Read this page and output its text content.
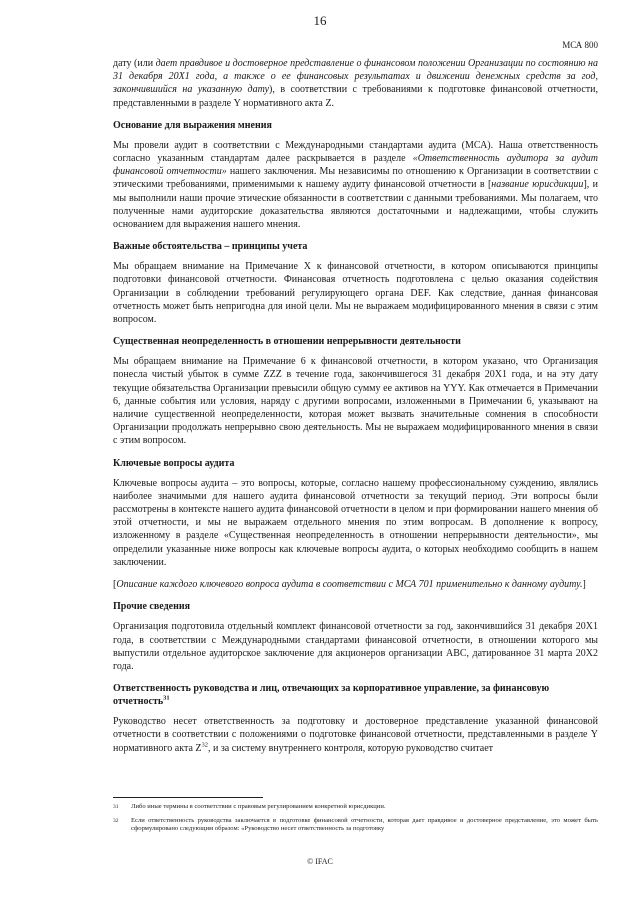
16
МСА 800

дату (или дает правдивое и достоверное представление о финансовом положении Организации по состоянию на 31 декабря 20Х1 года, а также о ее финансовых результатах и движении денежных средств за год, закончившийся на указанную дату), в соответствии с требованиями к подготовке финансовой отчетности, представленными в разделе Y нормативного акта Z.

Основание для выражения мнения

Мы провели аудит в соответствии с Международными стандартами аудита (МСА). Наша ответственность согласно указанным стандартам далее раскрывается в разделе «Ответственность аудитора за аудит финансовой отчетности» нашего заключения. Мы независимы по отношению к Организации в соответствии с этическими требованиями, применимыми к нашему аудиту финансовой отчетности в [название юрисдикции], и мы выполнили наши прочие этические обязанности в соответствии с данными требованиями. Мы полагаем, что полученные нами аудиторские доказательства являются достаточными и надлежащими, чтобы служить основанием для выражения нашего мнения.

Важные обстоятельства – принципы учета

Мы обращаем внимание на Примечание Х к финансовой отчетности, в котором описываются принципы подготовки финансовой отчетности. Финансовая отчетность подготовлена с целью оказания содействия Организации в соблюдении требований регулирующего органа DEF. Как следствие, данная финансовая отчетность может быть непригодна для иной цели. Мы не выражаем модифицированного мнения в связи с этим вопросом.

Существенная неопределенность в отношении непрерывности деятельности

Мы обращаем внимание на Примечание 6 к финансовой отчетности, в котором указано, что Организация понесла чистый убыток в сумме ZZZ в течение года, закончившегося 31 декабря 20Х1 года, и на эту дату текущие обязательства Организации превысили общую сумму ее активов на YYY. Как отмечается в Примечании 6, данные события или условия, наряду с другими вопросами, изложенными в Примечании 6, указывают на наличие существенной неопределенности, которая может вызвать значительные сомнения в способности Организации продолжать непрерывно свою деятельность. Мы не выражаем модифицированного мнения в связи с этим вопросом.

Ключевые вопросы аудита

Ключевые вопросы аудита – это вопросы, которые, согласно нашему профессиональному суждению, являлись наиболее значимыми для нашего аудита финансовой отчетности за текущий период. Эти вопросы были рассмотрены в контексте нашего аудита финансовой отчетности в целом и при формировании нашего мнения об этой отчетности, и мы не выражаем отдельного мнения по этим вопросам. В дополнение к вопросу, изложенному в разделе «Существенная неопределенность в отношении непрерывности деятельности», мы определили указанные ниже вопросы как ключевые вопросы аудита, о которых необходимо сообщить в нашем заключении.

[Описание каждого ключевого вопроса аудита в соответствии с МСА 701 применительно к данному аудиту.]

Прочие сведения

Организация подготовила отдельный комплект финансовой отчетности за год, закончившийся 31 декабря 20Х1 года, в соответствии с Международными стандартами финансовой отчетности, в отношении которого мы выпустили отдельное аудиторское заключение для акционеров организации ABC, датированное 31 марта 20Х2 года.

Ответственность руководства и лиц, отвечающих за корпоративное управление, за финансовую отчетность$^{31}$

Руководство несет ответственность за подготовку и достоверное представление указанной финансовой отчетности в соответствии с положениями о подготовке финансовой отчетности, представленными в разделе Y нормативного акта $Z^{32}$, и за систему внутреннего контроля, которую руководство считает

31 Либо иные термины в соответствии с правовым регулированием конкретной юрисдикции.
32 Если ответственность руководства заключается в подготовке финансовой отчетности, которая дает правдивое и достоверное представление, это может быть сформулировано следующим образом: «Руководство несет ответственность за подготовку
© IFAC
